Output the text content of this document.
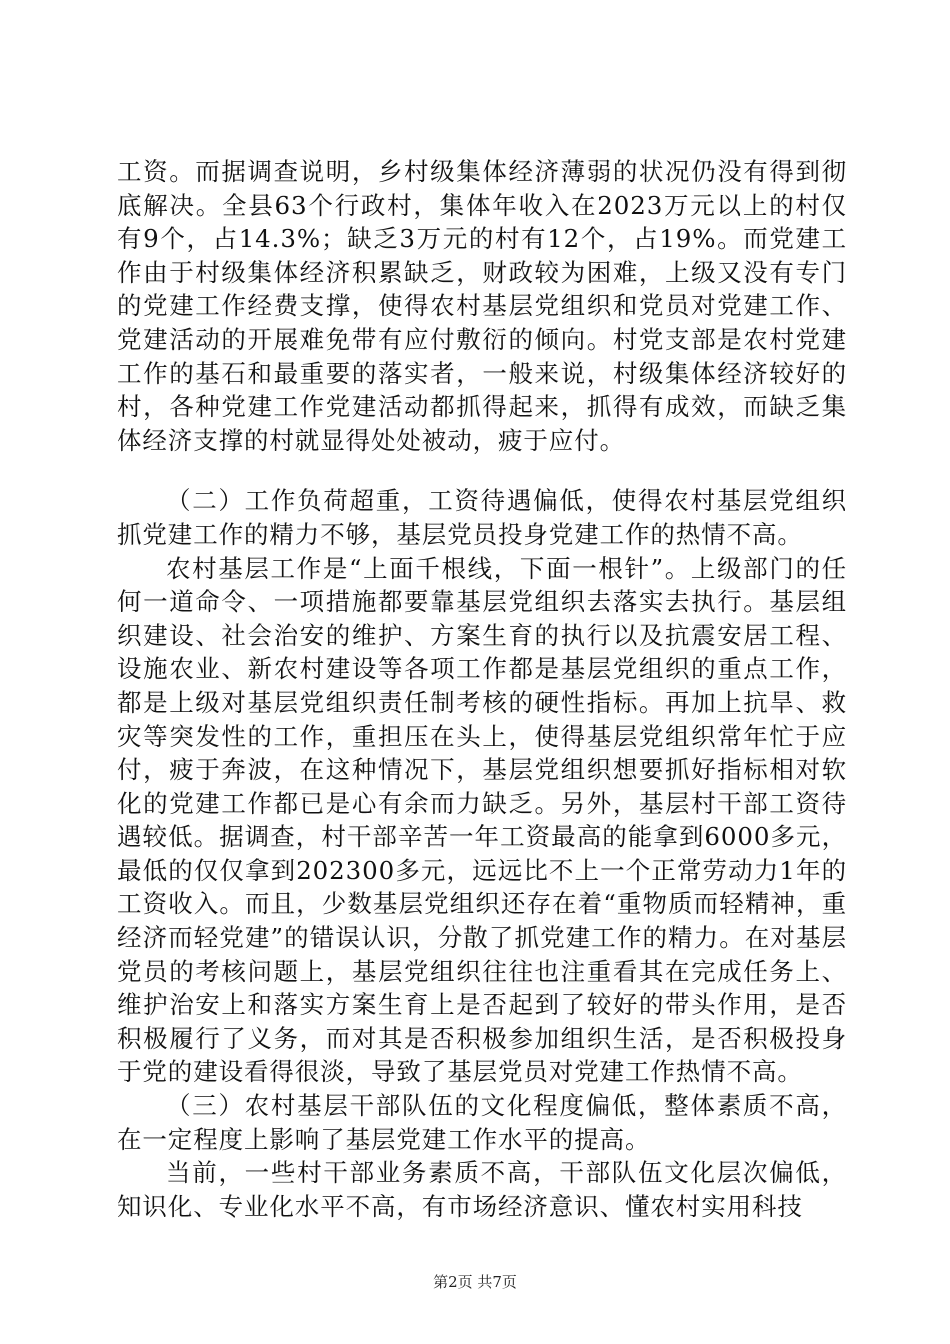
工资。而据调查说明，乡村级集体经济薄弱的状况仍没有得到彻底解决。全县63个行政村，集体年收入在2023万元以上的村仅有9个，占14.3%；缺乏3万元的村有12个，占19%。而党建工作由于村级集体经济积累缺乏，财政较为困难，上级又没有专门的党建工作经费支撑，使得农村基层党组织和党员对党建工作、党建活动的开展难免带有应付敷衍的倾向。村党支部是农村党建工作的基石和最重要的落实者，一般来说，村级集体经济较好的村，各种党建工作党建活动都抓得起来，抓得有成效，而缺乏集体经济支撑的村就显得处处被动，疲于应付。

（二）工作负荷超重，工资待遇偏低，使得农村基层党组织抓党建工作的精力不够，基层党员投身党建工作的热情不高。

农村基层工作是“上面千根线，下面一根针”。上级部门的任何一道命令、一项措施都要靠基层党组织去落实去执行。基层组织建设、社会治安的维护、方案生育的执行以及抗震安居工程、设施农业、新农村建设等各项工作都是基层党组织的重点工作，都是上级对基层党组织责任制考核的硬性指标。再加上抗旱、救灾等突发性的工作，重担压在头上，使得基层党组织常年忙于应付，疲于奔波，在这种情况下，基层党组织想要抓好指标相对软化的党建工作都已是心有余而力缺乏。另外，基层村干部工资待遇较低。据调查，村干部辛苦一年工资最高的能拿到6000多元，最低的仅仅拿到202300多元，远远比不上一个正常劳动力1年的工资收入。而且，少数基层党组织还存在着“重物质而轻精神，重经济而轻党建”的错误认识，分散了抓党建工作的精力。在对基层党员的考核问题上，基层党组织往往也注重看其在完成任务上、维护治安上和落实方案生育上是否起到了较好的带头作用，是否积极履行了义务，而对其是否积极参加组织生活，是否积极投身于党的建设看得很淡，导致了基层党员对党建工作热情不高。

（三）农村基层干部队伍的文化程度偏低，整体素质不高，在一定程度上影响了基层党建工作水平的提高。

当前，一些村干部业务素质不高，干部队伍文化层次偏低，知识化、专业化水平不高，有市场经济意识、懂农村实用科技

第2页 共7页
